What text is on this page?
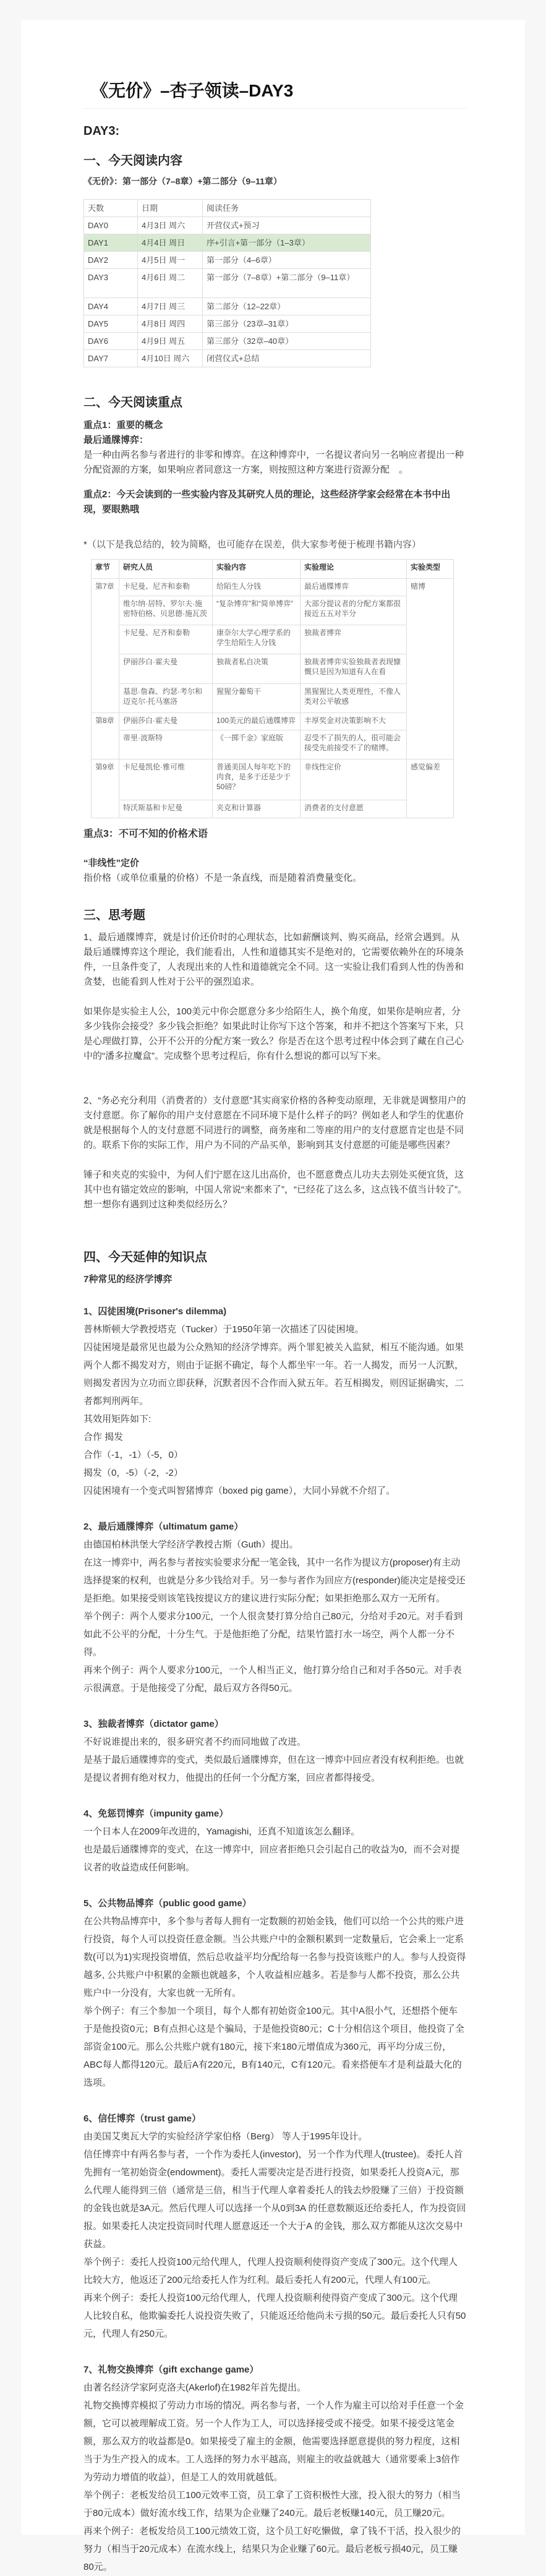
《无价》–杏子领读–DAY3

DAY3:

一、今天阅读内容

《无价》：第一部分（7–8章）+第二部分（9–11章）

天数	日期	阅读任务
DAY0	4月3日 周六	开营仪式+预习
DAY1	4月4日 周日	序+引言+第一部分（1–3章）
DAY2	4月5日 周一	第一部分（4–6章）
DAY3	4月6日 周二	第一部分（7–8章）+第二部分（9–11章）
DAY4	4月7日 周三	第二部分（12–22章）
DAY5	4月8日 周四	第三部分（23章–31章）
DAY6	4月9日 周五	第三部分（32章–40章）
DAY7	4月10日 周六	闭营仪式+总结
二、今天阅读重点

重点1：重要的概念

最后通牒博弈：

是一种由两名参与者进行的非零和博弈。在这种博弈中，一名提议者向另一名响应者提出一种分配资源的方案，如果响应者同意这一方案，则按照这种方案进行资源分配　。

重点2：今天会读到的一些实验内容及其研究人员的理论，这些经济学家会经常在本书中出现，要眼熟哦

*（以下是我总结的，较为简略，也可能存在误差，供大家参考便于梳理书籍内容）

章节	研究人员	实验内容	实验理论	实验类型
第7章	卡尼曼、尼齐和泰勒	给陌生人分钱	最后通牒博弈	赌博
	维尔纳·居特、罗尔夫·施密特伯格、贝思德·施瓦茨	“复杂博弈”和“简单博弈”	大部分提议者的分配方案都很接近五五对半分	
	卡尼曼、尼齐和泰勒	康奈尔大学心理学系的学生给陌生人分钱	独裁者博弈	
	伊丽莎白·霍夫曼	独裁者私自决策	独裁者博弈实验独裁者表现慷慨只是因为知道有人在看	
	基思·詹森、约瑟·考尔和迈克尔·托马塞洛	猩猩分葡萄干	黑猩猩比人类更理性，不像人类对公平敏感	
第8章	伊丽莎白·霍夫曼	100美元的最后通牒博弈	丰厚奖金对决策影响不大	
	蒂里·波斯特	《一掷千金》家庭版	忍受不了损失的人，很可能会接受先前接受不了的赌博。	
第9章	卡尼曼凯伦·雅可维	普通美国人每年吃下的肉食，是多于还是少于50磅？	非线性定价	感觉偏差
	特沃斯基和卡尼曼	夹克和计算器	消费者的支付意愿	

重点3：不可不知的价格术语

“非线性”定价

指价格（或单位重量的价格）不是一条直线，而是随着消费量变化。

三、思考题

1、最后通牒博弈，就是讨价还价时的心理状态，比如薪酬谈判、购买商品，经常会遇到。从最后通牒博弈这个理论，我们能看出，人性和道德其实不是绝对的，它需要依赖外在的环境条件，一旦条件变了，人表现出来的人性和道德就完全不同。这一实验让我们看到人性的伪善和贪婪，也能看到人性对于公平的强烈追求。

如果你是实验主人公，100美元中你会愿意分多少给陌生人，换个角度，如果你是响应者，分多少钱你会接受？多少钱会拒绝？如果此时让你写下这个答案，和并不把这个答案写下来，只是心理做打算，公开不公开的分配方案一致么？你是否在这个思考过程中体会到了藏在自己心中的“潘多拉魔盒”。完成整个思考过程后，你有什么想说的都可以写下来。

2、“务必充分利用（消费者的）支付意愿”其实商家价格的各种变动原理，无非就是调整用户的支付意愿。你了解你的用户支付意愿在不同环境下是什么样子的吗？例如老人和学生的优惠价就是根据每个人的支付意愿不同进行的调整，商务座和二等座的用户的支付意愿肯定也是不同的。联系下你的实际工作，用户为不同的产品买单，影响到其支付意愿的可能是哪些因素？

锤子和夹克的实验中，为何人们宁愿在这儿出高价，也不愿意费点儿功夫去别处买便宜货，这其中也有锚定效应的影响，中国人常说“来都来了”，“已经花了这么多，这点钱不值当计较了”。想一想你有遇到过这种类似经历么？

四、今天延伸的知识点

7种常见的经济学博弈

1、囚徒困境(Prisoner's dilemma)

普林斯顿大学教授塔克（Tucker）于1950年第一次描述了囚徒困境。

囚徒困境是最常见也最为公众熟知的经济学博弈。两个罪犯被关入监狱，相互不能沟通。如果两个人都不揭发对方，则由于证据不确定，每个人都坐牢一年。若一人揭发，而另一人沉默，则揭发者因为立功而立即获释，沉默者因不合作而入狱五年。若互相揭发，则因证据确实，二者都判刑两年。

其效用矩阵如下:

合作 揭发

合作（-1，-1）（-5，0）

揭发（0，-5）（-2，-2）

囚徒困境有一个变式叫智猪博弈（boxed pig game），大同小异就不介绍了。

2、最后通牒博弈（ultimatum game）

由德国柏林洪堡大学经济学教授古斯（Guth）提出。

在这一博弈中，两名参与者按实验要求分配一笔金钱，其中一名作为提议方(proposer)有主动选择提案的权利，也就是分多少钱给对手。另一参与者作为回应方(responder)能决定是接受还是拒绝。如果接受则该笔钱按提议方的建议进行实际分配；如果拒绝那么双方一无所有。

举个例子：两个人要求分100元，一个人很贪婪打算分给自己80元，分给对手20元。对手看到如此不公平的分配，十分生气。于是他拒绝了分配，结果竹篮打水一场空，两个人都一分不得。

再来个例子：两个人要求分100元，一个人相当正义，他打算分给自己和对手各50元。对手表示很满意。于是他接受了分配，最后双方各得50元。

3、独裁者博弈（dictator game）

不好说谁提出来的，很多研究者不约而同地做了改进。

是基于最后通牒博弈的变式，类似最后通牒博弈，但在这一博弈中回应者没有权利拒绝。也就是提议者拥有绝对权力，他提出的任何一个分配方案，回应者都得接受。

4、免惩罚博弈（impunity game）

一个日本人在2009年改进的，Yamagishi，还真不知道该怎么翻译。

也是最后通牒博弈的变式，在这一博弈中，回应者拒绝只会引起自己的收益为0，而不会对提议者的收益造成任何影响。

5、公共物品博弈（public good game）

在公共物品博弈中，多个参与者每人拥有一定数额的初始金钱，他们可以给一个公共的账户进行投资，每个人可以投资任意金额。当公共账户中的金额积累到一定数量后，它会乘上一定系数(可以为1)实现投资增值，然后总收益平均分配给每一名参与投资该账户的人。参与人投资得越多, 公共账户中积累的金额也就越多，个人收益相应越多。若是参与人都不投资，那么公共账户中一分没有，大家也就一无所有。

举个例子：有三个参加一个项目，每个人都有初始资金100元。其中A很小气，还想搭个便车于是他投资0元；B有点担心这是个骗局，于是他投资80元；C十分相信这个项目，他投资了全部资金100元。那么公共账户就有180元，接下来180元增值成为360元，再平均分成三份，ABC每人都得120元。最后A有220元，B有140元，C有120元。看来搭便车才是利益最大化的选项。

6、信任博弈（trust game）

由美国艾奥瓦大学的实验经济学家伯格（Berg） 等人于1995年设计。

信任博弈中有两名参与者，一个作为委托人(investor)，另一个作为代理人(trustee)。委托人首先拥有一笔初始资金(endowment)。委托人需要决定是否进行投资，如果委托人投资A元，那么代理人能得到三倍（通常是三倍，相当于代理人拿着委托人的钱去炒股赚了三倍）于投资额的金钱也就是3A元。然后代理人可以选择一个从0到3A 的任意数额返还给委托人，作为投资回报。如果委托人决定投资同时代理人愿意返还一个大于A 的金钱，那么双方都能从这次交易中获益。

举个例子：委托人投资100元给代理人，代理人投资顺利使得资产变成了300元。这个代理人比较大方，他返还了200元给委托人作为红利。最后委托人有200元，代理人有100元。

再来个例子：委托人投资100元给代理人，代理人投资顺利使得资产变成了300元。这个代理人比较自私，他欺骗委托人说投资失败了，只能返还给他尚未亏损的50元。最后委托人只有50元，代理人有250元。

7、礼物交换博弈（gift exchange game）

由著名经济学家阿克洛夫(Akerlof)在1982年首先提出。

礼物交换博弈模拟了劳动力市场的情况。两名参与者，一个人作为雇主可以给对手任意一个金额，它可以被理解成工资。另一个人作为工人，可以选择接受或不接受。如果不接受这笔金额，那么双方的收益都是0。如果接受了雇主的金额，他需要选择愿意提供的努力程度，这相当于为生产投入的成本。工人选择的努力水平越高，则雇主的收益就越大（通常要乘上3倍作为劳动力增值的收益），但是工人的效用就越低。

举个例子：老板发给员工100元效率工资，员工拿了工资积极性大涨，投入很大的努力（相当于80元成本）做好流水线工作，结果为企业赚了240元。最后老板赚140元，员工赚20元。

再来个例子：老板发给员工100元绩效工资，这个员工好吃懒做，拿了钱不干活，投入很少的努力（相当于20元成本）在流水线上，结果只为企业赚了60元。最后老板亏损40元，员工赚80元。
